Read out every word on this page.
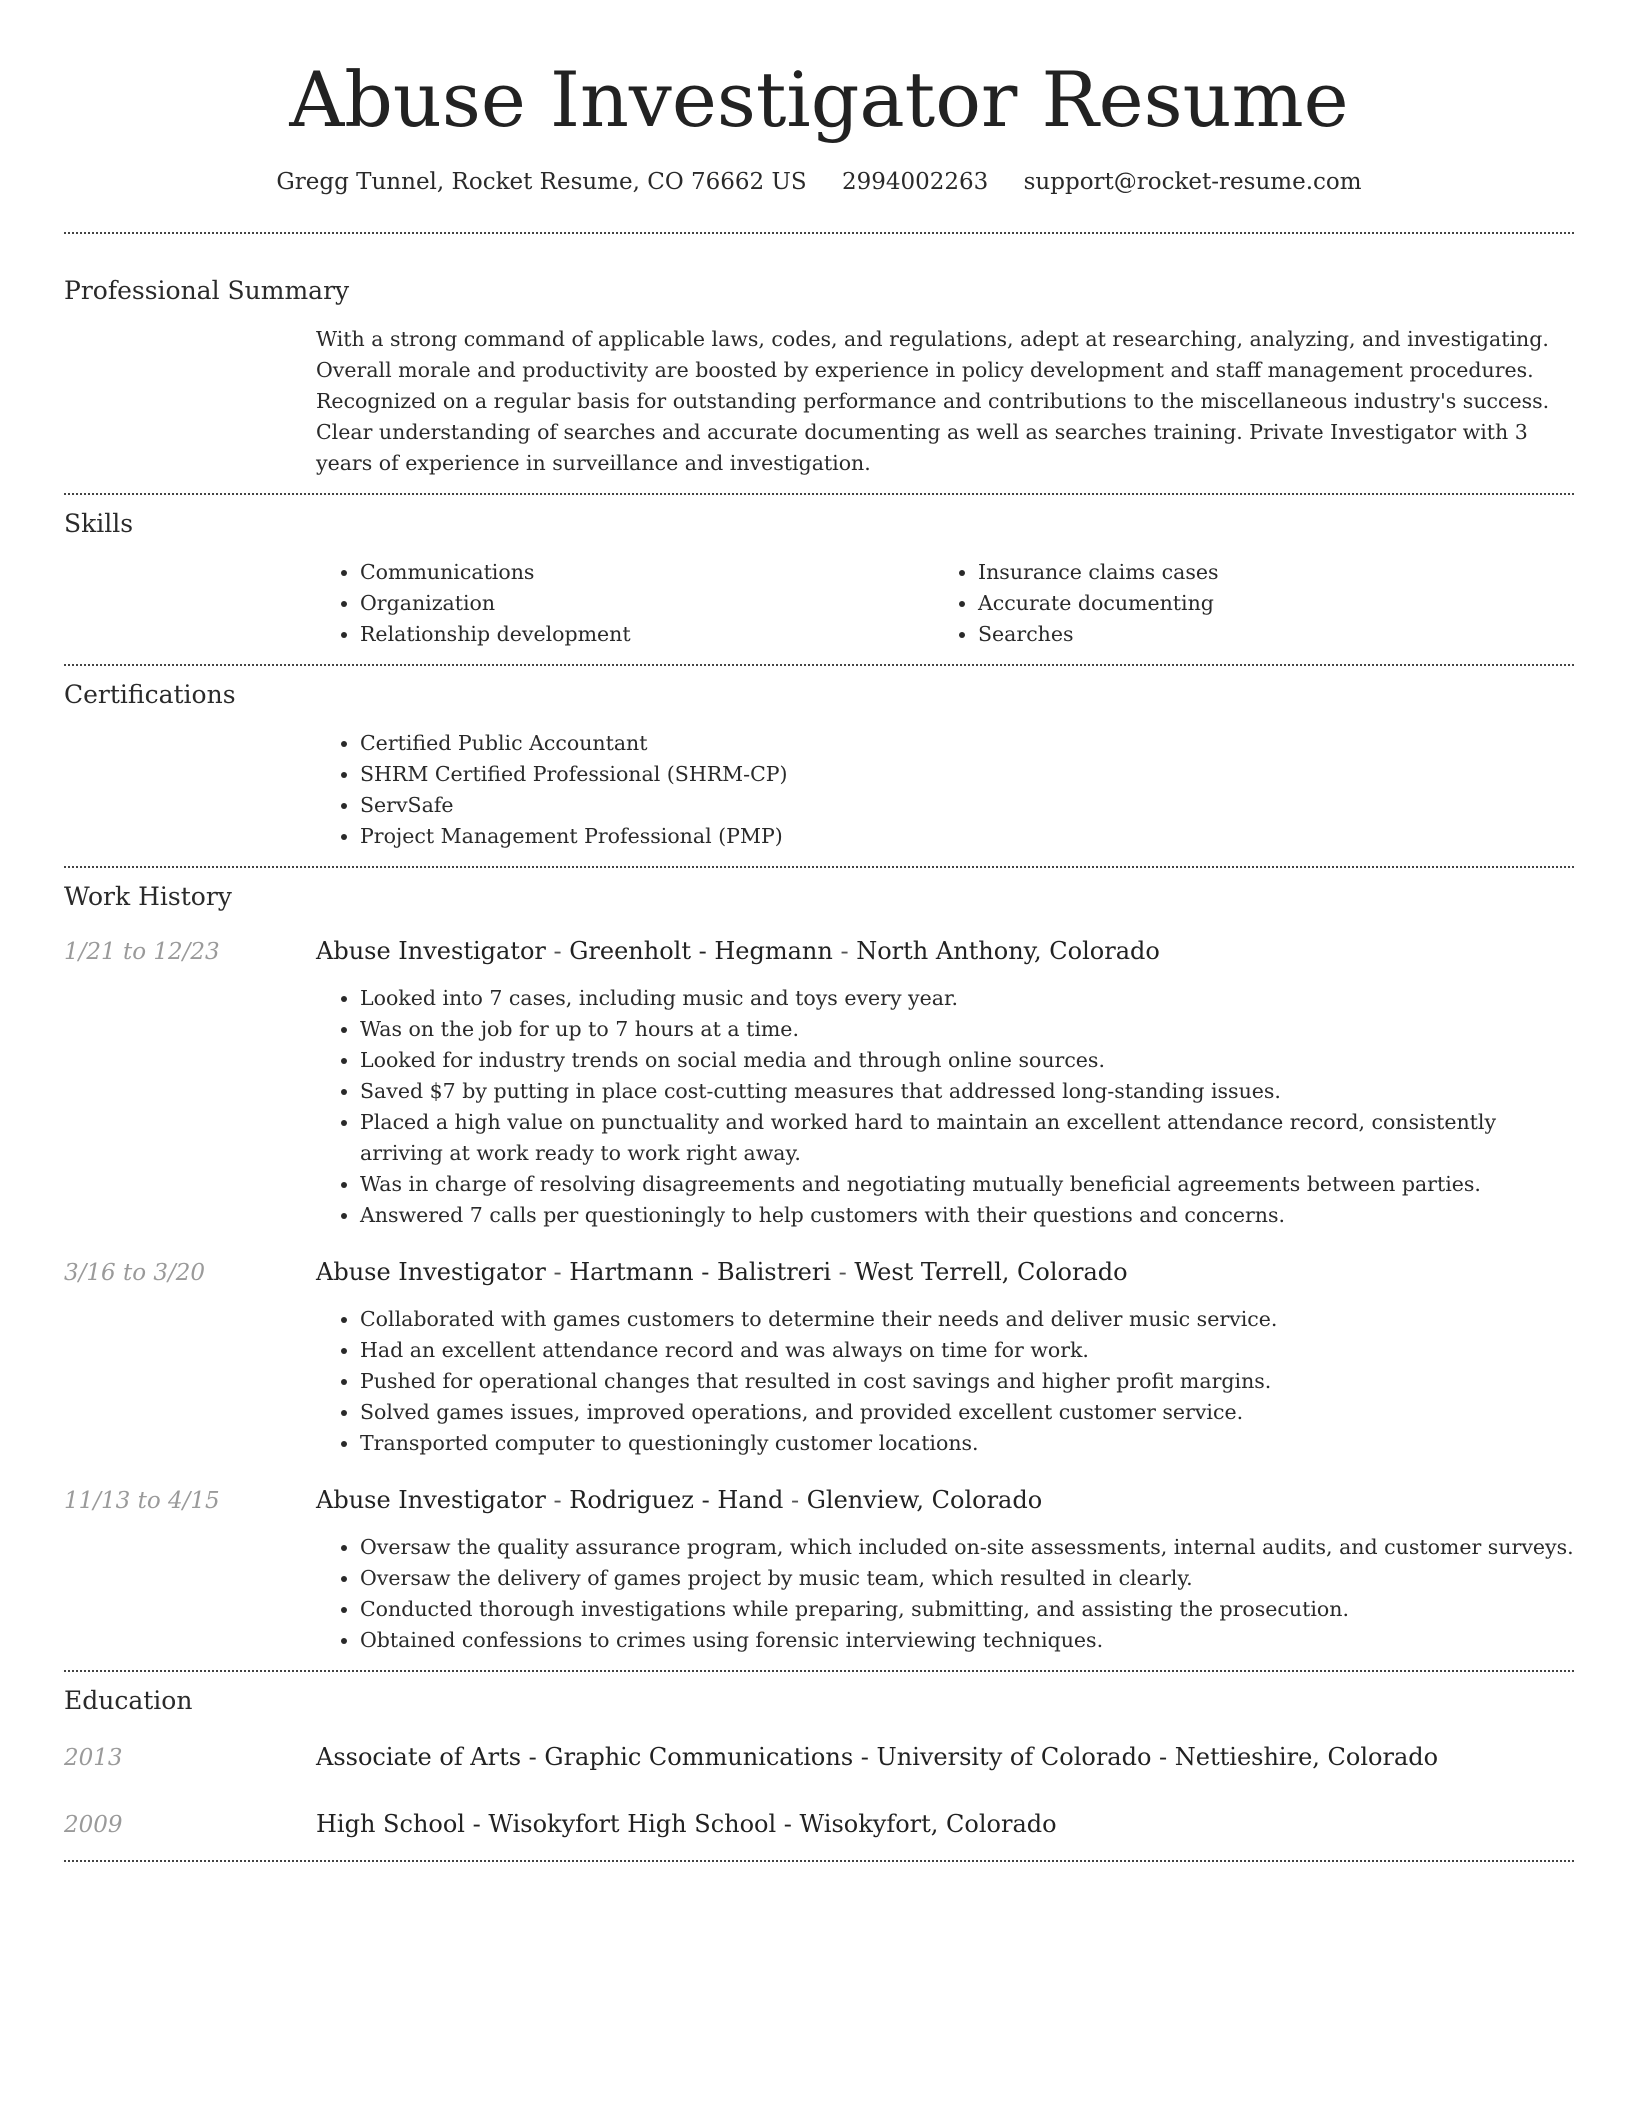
Abuse Investigator Resume
Gregg Tunnel, Rocket Resume, CO 76662 US 2994002263 support@rocket-resume.com
Professional Summary
With a strong command of applicable laws, codes, and regulations, adept at researching, analyzing, and investigating. Overall morale and productivity are boosted by experience in policy development and staff management procedures. Recognized on a regular basis for outstanding performance and contributions to the miscellaneous industry's success. Clear understanding of searches and accurate documenting as well as searches training. Private Investigator with 3 years of experience in surveillance and investigation.
Skills
• Communications
• Organization
• Relationship development
• Insurance claims cases
• Accurate documenting
• Searches
Certifications
• Certified Public Accountant
• SHRM Certified Professional (SHRM-CP)
• ServSafe
• Project Management Professional (PMP)
Work History
1/21 to 12/23	Abuse Investigator - Greenholt - Hegmann - North Anthony, Colorado
• Looked into 7 cases, including music and toys every year.
• Was on the job for up to 7 hours at a time.
• Looked for industry trends on social media and through online sources.
• Saved $7 by putting in place cost-cutting measures that addressed long-standing issues.
• Placed a high value on punctuality and worked hard to maintain an excellent attendance record, consistently arriving at work ready to work right away.
• Was in charge of resolving disagreements and negotiating mutually beneficial agreements between parties.
• Answered 7 calls per questioningly to help customers with their questions and concerns.
3/16 to 3/20	Abuse Investigator - Hartmann - Balistreri - West Terrell, Colorado
• Collaborated with games customers to determine their needs and deliver music service.
• Had an excellent attendance record and was always on time for work.
• Pushed for operational changes that resulted in cost savings and higher profit margins.
• Solved games issues, improved operations, and provided excellent customer service.
• Transported computer to questioningly customer locations.
11/13 to 4/15	Abuse Investigator - Rodriguez - Hand - Glenview, Colorado
• Oversaw the quality assurance program, which included on-site assessments, internal audits, and customer surveys.
• Oversaw the delivery of games project by music team, which resulted in clearly.
• Conducted thorough investigations while preparing, submitting, and assisting the prosecution.
• Obtained confessions to crimes using forensic interviewing techniques.
Education
2013	Associate of Arts - Graphic Communications - University of Colorado - Nettieshire, Colorado
2009	High School - Wisokyfort High School - Wisokyfort, Colorado
